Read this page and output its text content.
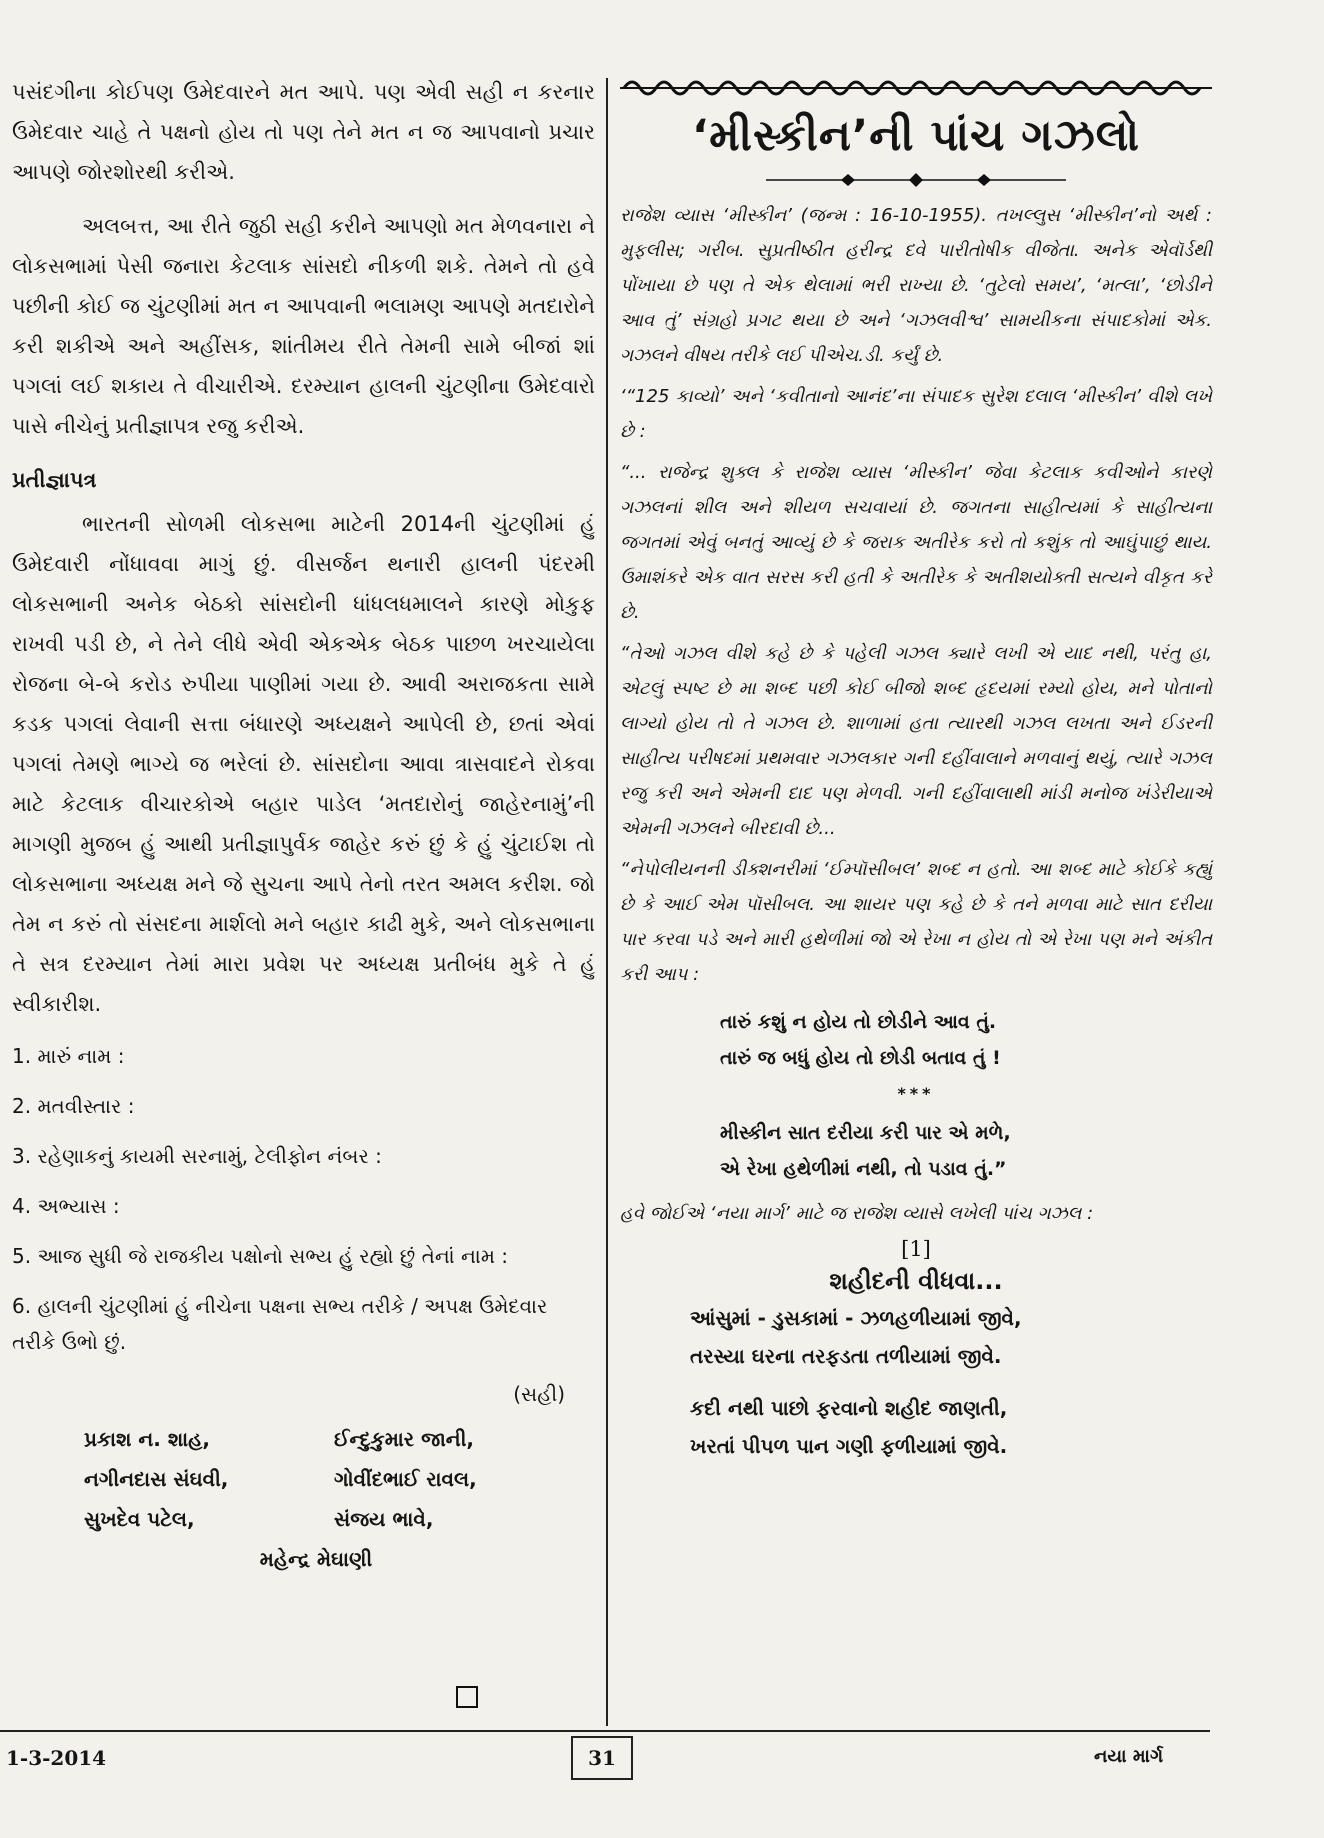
પસંદગીના કોઈપણ ઉમેદવારને મત આપે. પણ એવી સહી ન કરનાર ઉમેદવાર ચાહે તે પક્ષનો હોય તો પણ તેને મત ન જ આપવાનો પ્રચાર આપણે જોરશોરથી કરીએ.

અલબત્ત, આ રીતે જુઠી સહી કરીને આપણો મત મેળવનારા ને લોકસભામાં પેસી જનારા કેટલાક સાંસદો નીકળી શકે. તેમને તો હવે પછીની કોઈ જ ચુંટણીમાં મત ન આપવાની ભલામણ આપણે મતદારોને કરી શકીએ અને અહીંસક, શાંતીમય રીતે તેમની સામે બીજાં શાં પગલાં લઈ શકાય તે વીચારીએ. દરમ્યાન હાલની ચુંટણીના ઉમેદવારો પાસે નીચેનું પ્રતીજ્ઞાપત્ર રજુ કરીએ.

પ્રતીજ્ઞાપત્ર

ભારતની સોળમી લોકસભા માટેની 2014ની ચુંટણીમાં હું ઉમેદવારી નોંધાવવા માગું છું. વીસર્જન થનારી હાલની પંદરમી લોકસભાની અનેક બેઠકો સાંસદોની ધાંધલધમાલને કારણે મોકુફ રાખવી પડી છે, ને તેને લીધે એવી એકએક બેઠક પાછળ ખરચાયેલા રોજના બે-બે કરોડ રુપીયા પાણીમાં ગયા છે. આવી અરાજકતા સામે કડક પગલાં લેવાની સત્તા બંધારણે અધ્યક્ષને આપેલી છે, છતાં એવાં પગલાં તેમણે ભાગ્યે જ ભરેલાં છે. સાંસદોના આવા ત્રાસવાદને રોકવા માટે કેટલાક વીચારકોએ બહાર પાડેલ ‘મતદારોનું જાહેરનામું’ની માગણી મુજબ હું આથી પ્રતીજ્ઞાપુર્વક જાહેર કરું છું કે હું ચુંટાઈશ તો લોકસભાના અધ્યક્ષ મને જે સુચના આપે તેનો તરત અમલ કરીશ. જો તેમ ન કરું તો સંસદના માર્શલો મને બહાર કાઢી મુકે, અને લોકસભાના તે સત્ર દરમ્યાન તેમાં મારા પ્રવેશ પર અધ્યક્ષ પ્રતીબંધ મુકે તે હું સ્વીકારીશ.

1. મારું નામ :
2. મતવીસ્તાર :
3. રહેણાકનું કાયમી સરનામું, ટેલીફોન નંબર :
4. અભ્યાસ :
5. આજ સુધી જે રાજકીય પક્ષોનો સભ્ય હું રહ્યો છું તેનાં નામ :
6. હાલની ચુંટણીમાં હું નીચેના પક્ષના સભ્ય તરીકે / અપક્ષ ઉમેદવાર તરીકે ઉભો છું.
(સહી)
પ્રકાશ ન. શાહ,	ઈન્દુકુમાર જાની,
નગીનદાસ સંઘવી,	ગોવીંદભાઈ રાવલ,
સુખદેવ પટેલ,	સંજય ભાવે,
મહેન્દ્ર મેઘાણી
‘મીસ્કીન’ની પાંચ ગઝલો

રાજેશ વ્યાસ ‘મીસ્કીન’ (જન્મ : 16-10-1955). તખલ્લુસ ‘મીસ્કીન’નો અર્થ : મુફલીસ; ગરીબ. સુપ્રતીષ્ઠીત હરીન્દ્ર દવે પારીતોષીક વીજેતા. અનેક એવૉર્ડથી પોંખાયા છે પણ તે એક થેલામાં ભરી રાખ્યા છે. ‘તુટેલો સમય’, ‘મત્લા’, ‘છોડીને આવ તું’ સંગ્રહો પ્રગટ થયા છે અને ‘ગઝલવીશ્વ’ સામયીકના સંપાદકોમાં એક. ગઝલને વીષય તરીકે લઈ પીએચ.ડી. કર્યું છે.

‘“125 કાવ્યો’ અને ‘કવીતાનો આનંદ’ના સંપાદક સુરેશ દલાલ ‘મીસ્કીન’ વીશે લખે છે :

“... રાજેન્દ્ર શુક્લ કે રાજેશ વ્યાસ ‘મીસ્કીન’ જેવા કેટલાક કવીઓને કારણે ગઝલનાં શીલ અને શીયળ સચવાયાં છે. જગતના સાહીત્યમાં કે સાહીત્યના જગતમાં એવું બનતું આવ્યું છે કે જરાક અતીરેક કરો તો કશુંક તો આઘુંપાછું થાય. ઉમાશંકરે એક વાત સરસ કરી હતી કે અતીરેક કે અતીશયોક્તી સત્યને વીકૃત કરે છે.

“તેઓ ગઝલ વીશે કહે છે કે પહેલી ગઝલ ક્યારે લખી એ યાદ નથી, પરંતુ હા, એટલું સ્પષ્ટ છે મા શબ્દ પછી કોઈ બીજો શબ્દ હૃદયમાં રમ્યો હોય, મને પોતાનો લાગ્યો હોય તો તે ગઝલ છે. શાળામાં હતા ત્યારથી ગઝલ લખતા અને ઈડરની સાહીત્ય પરીષદમાં પ્રથમવાર ગઝલકાર ગની દહીંવાલાને મળવાનું થયું, ત્યારે ગઝલ રજુ કરી અને એમની દાદ પણ મેળવી. ગની દહીંવાલાથી માંડી મનોજ ખંડેરીયાએ એમની ગઝલને બીરદાવી છે...

“નેપોલીયનની ડીક્શનરીમાં ‘ઈમ્પૉસીબલ’ શબ્દ ન હતો. આ શબ્દ માટે કોઈકે કહ્યું છે કે આઈ એમ પૉસીબલ. આ શાયર પણ કહે છે કે તને મળવા માટે સાત દરીયા પાર કરવા પડે અને મારી હથેળીમાં જો એ રેખા ન હોય તો એ રેખા પણ મને અંકીત કરી આપ :

તારું કશું ન હોય તો છોડીને આવ તું.
તારું જ બધું હોય તો છોડી બતાવ તું !
***
મીસ્કીન સાત દરીયા કરી પાર એ મળે,
એ રેખા હથેળીમાં નથી, તો પડાવ તું.”
હવે જોઈએ ‘નયા માર્ગ’ માટે જ રાજેશ વ્યાસે લખેલી પાંચ ગઝલ :
[1]
શહીદની વીધવા...
આંસુમાં - ડુસકામાં - ઝળહળીયામાં જીવે,
તરસ્યા ઘરના તરફડતા તળીયામાં જીવે.
કદી નથી પાછો ફરવાનો શહીદ જાણતી,
ખરતાં પીપળ પાન ગણી ફળીયામાં જીવે.
1-3-2014	31	નયા માર્ગ
